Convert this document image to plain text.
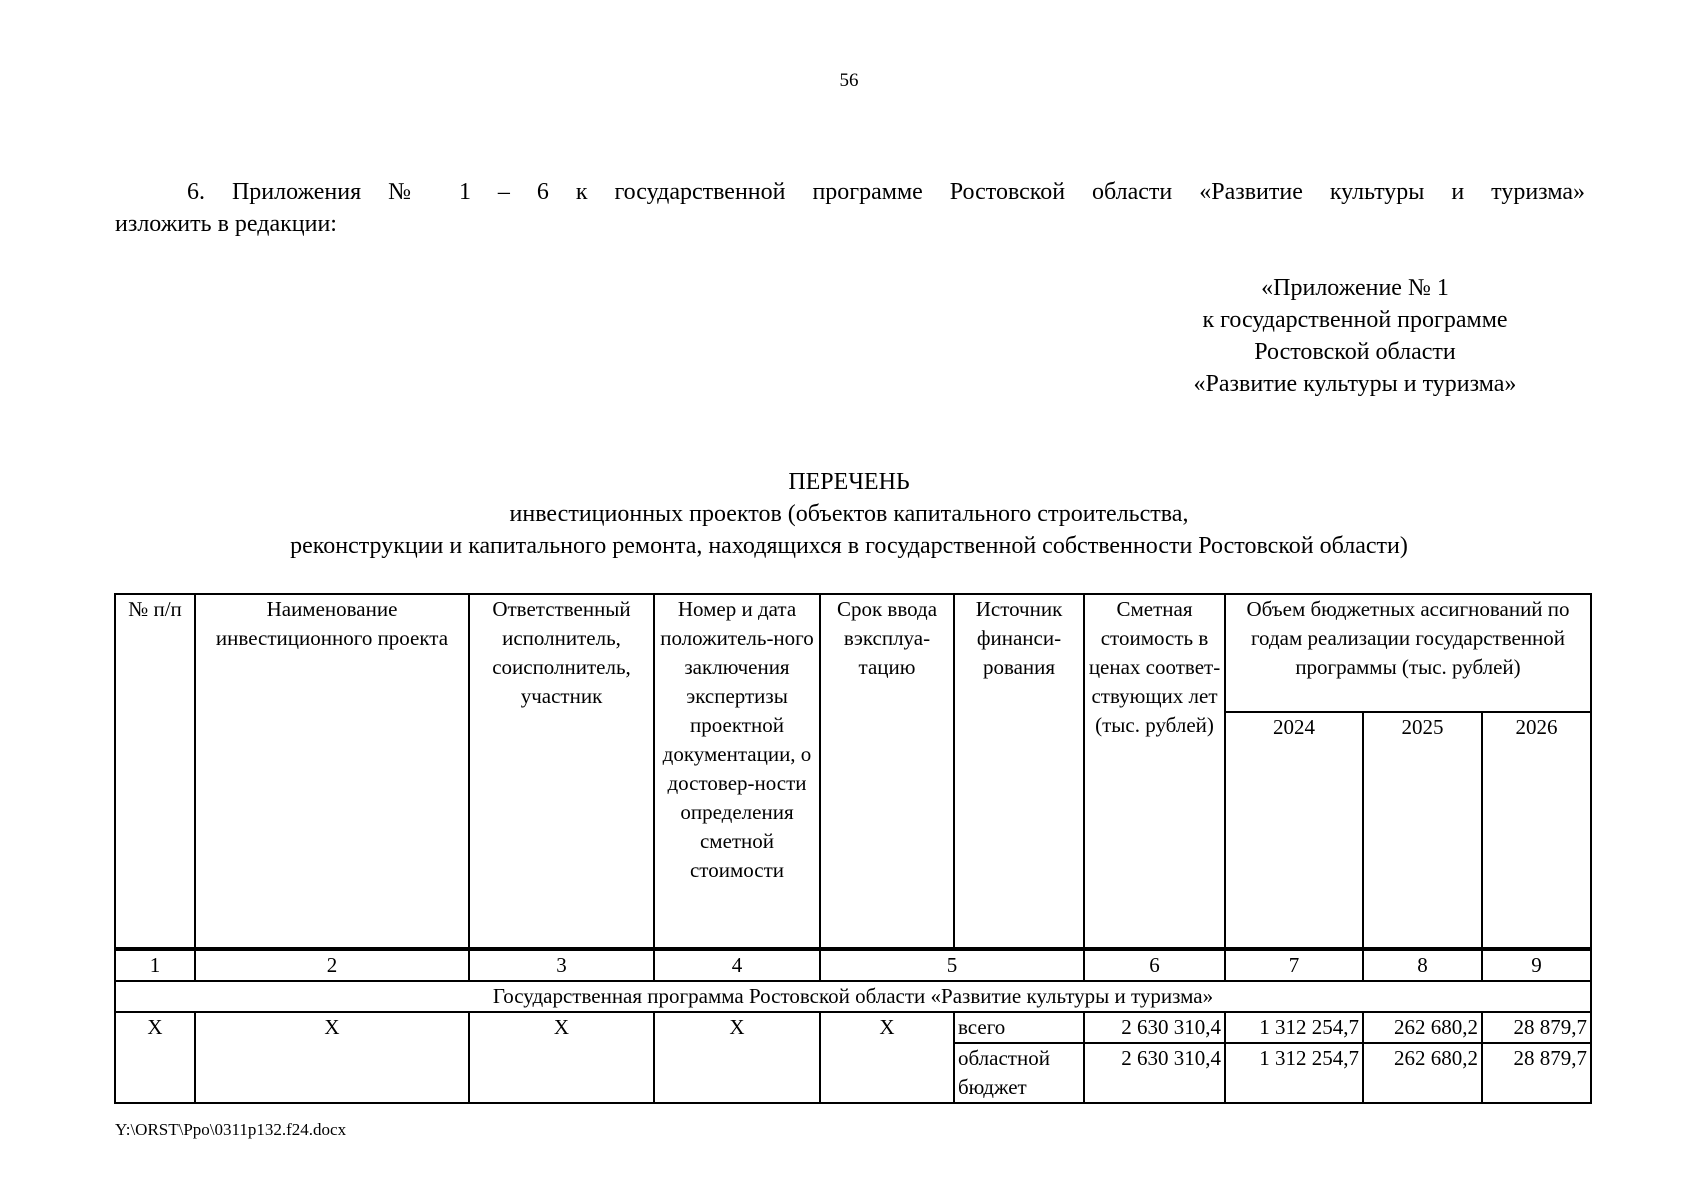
56
6. Приложения № 1 – 6 к государственной программе Ростовской области «Развитие культуры и туризма»
изложить в редакции:
«Приложение № 1
к государственной программе
Ростовской области
«Развитие культуры и туризма»
ПЕРЕЧЕНЬ
инвестиционных проектов (объектов капитального строительства,
реконструкции и капитального ремонта, находящихся в государственной собственности Ростовской области)
№ п/п	Наименование инвестиционного проекта	Ответственный исполнитель, соисполнитель, участник	Номер и дата положитель-ного заключения экспертизы проектной документации, о достовер-ности определения сметной стоимости	Срок ввода вэксплуа-тацию	Источник финанси-рования	Сметная стоимость в ценах соответ-ствующих лет (тыс. рублей)	Объем бюджетных ассигнований по годам реализации государственной программы (тыс. рублей)		
							2024	2025	2026
1	2	3	4	5		6	7	8	9
Государственная программа Ростовской области «Развитие культуры и туризма»									
Х	Х	Х	Х	Х	всего	2 630 310,4	1 312 254,7	262 680,2	28 879,7
					областной бюджет	2 630 310,4	1 312 254,7	262 680,2	28 879,7
Y:\ORST\Ppo\0311p132.f24.docx
